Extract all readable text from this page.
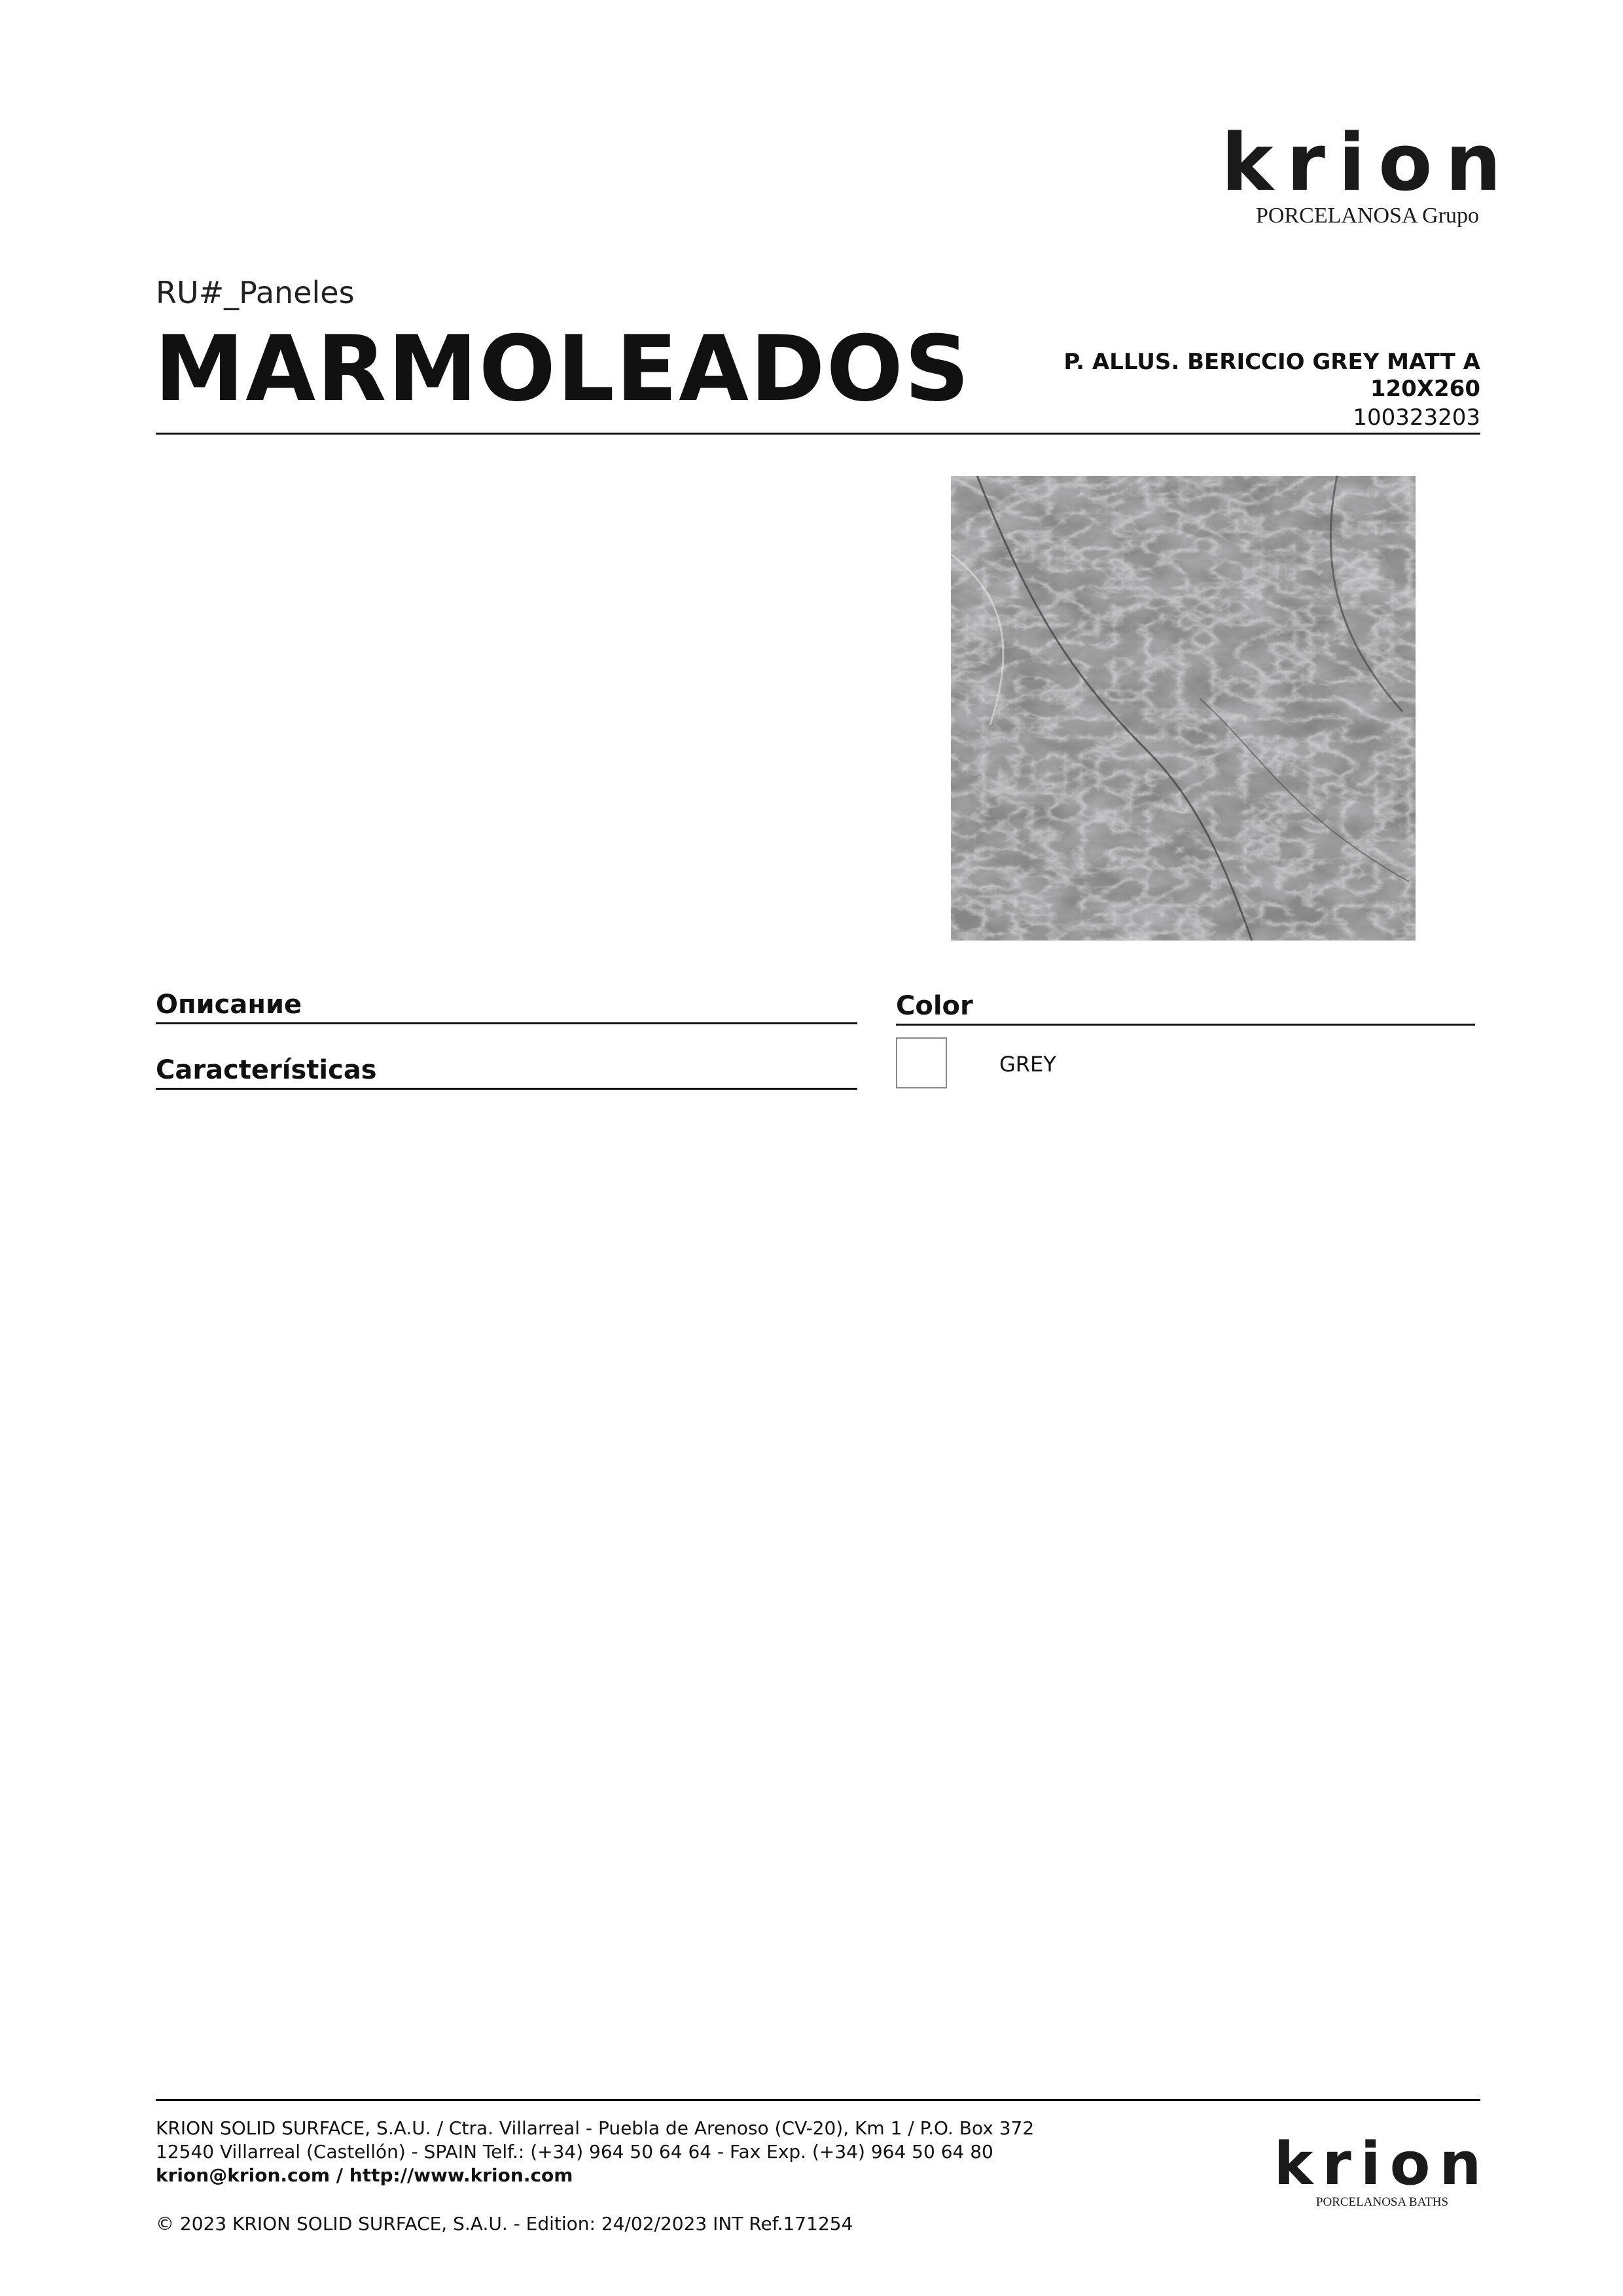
krion
PORCELANOSA Grupo
RU#_Paneles
MARMOLEADOS	P. ALLUS. BERICCIO GREY MATT A
120X260
100323203
Описание
Características
Color
GREY
KRION SOLID SURFACE, S.A.U. / Ctra. Villarreal - Puebla de Arenoso (CV-20), Km 1 / P.O. Box 372
12540 Villarreal (Castellón) - SPAIN Telf.: (+34) 964 50 64 64 - Fax Exp. (+34) 964 50 64 80
krion@krion.com / http://www.krion.com
© 2023 KRION SOLID SURFACE, S.A.U. - Edition: 24/02/2023 INT Ref.171254
krion
PORCELANOSA BATHS
